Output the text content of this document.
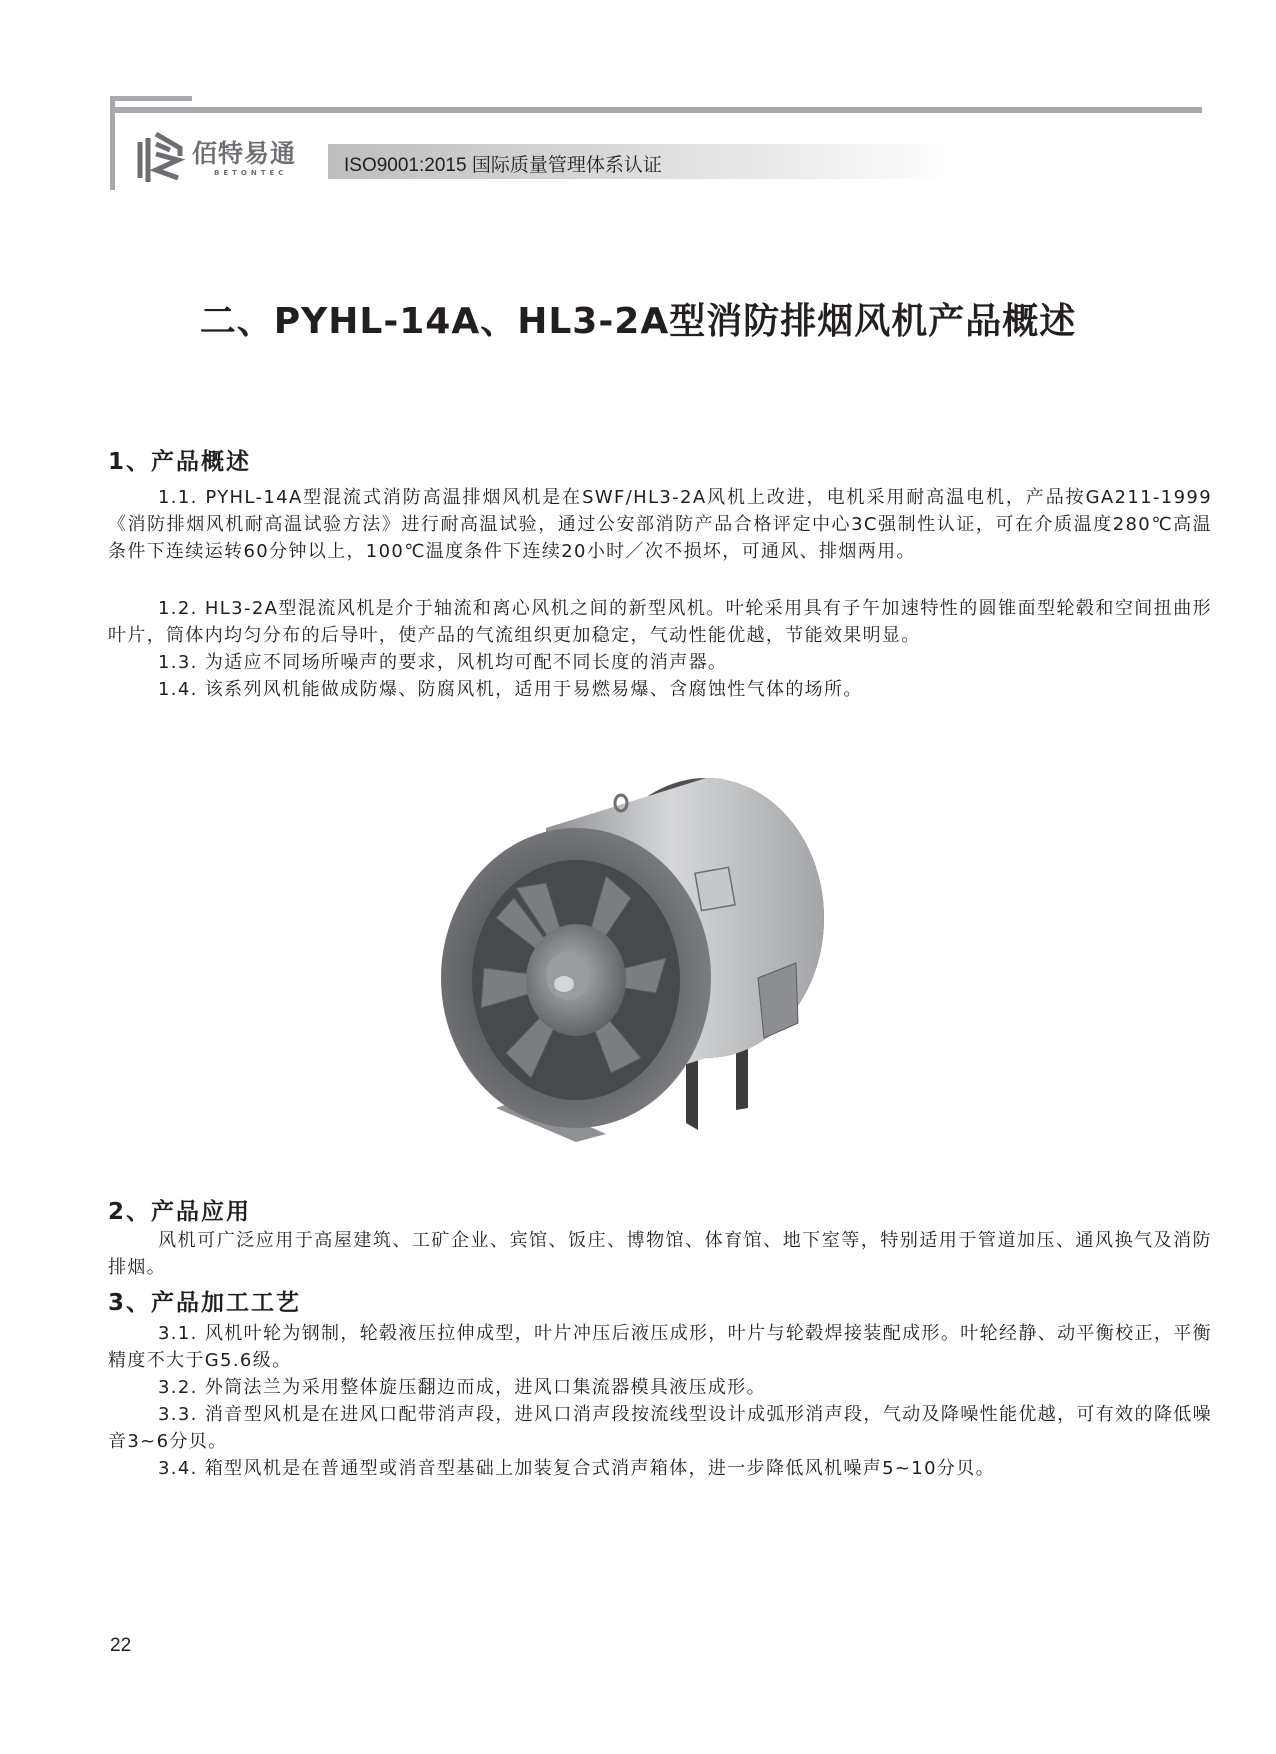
佰特易通
BETONTEC	ISO9001:2015 国际质量管理体系认证
二、PYHL-14A、HL3-2A型消防排烟风机产品概述
1、产品概述
1.1. PYHL-14A型混流式消防高温排烟风机是在SWF/HL3-2A风机上改进，电机采用耐高温电机，产品按GA211-1999《消防排烟风机耐高温试验方法》进行耐高温试验，通过公安部消防产品合格评定中心3C强制性认证，可在介质温度280℃高温条件下连续运转60分钟以上，100℃温度条件下连续20小时／次不损坏，可通风、排烟两用。
1.2. HL3-2A型混流风机是介于轴流和离心风机之间的新型风机。叶轮采用具有子午加速特性的圆锥面型轮毂和空间扭曲形叶片，筒体内均匀分布的后导叶，使产品的气流组织更加稳定，气动性能优越，节能效果明显。
1.3. 为适应不同场所噪声的要求，风机均可配不同长度的消声器。
1.4. 该系列风机能做成防爆、防腐风机，适用于易燃易爆、含腐蚀性气体的场所。
2、产品应用
风机可广泛应用于高屋建筑、工矿企业、宾馆、饭庄、博物馆、体育馆、地下室等，特别适用于管道加压、通风换气及消防排烟。
3、产品加工工艺
3.1. 风机叶轮为钢制，轮毂液压拉伸成型，叶片冲压后液压成形，叶片与轮毂焊接装配成形。叶轮经静、动平衡校正，平衡精度不大于G5.6级。
3.2. 外筒法兰为采用整体旋压翻边而成，进风口集流器模具液压成形。
3.3. 消音型风机是在进风口配带消声段，进风口消声段按流线型设计成弧形消声段，气动及降噪性能优越，可有效的降低噪音3~6分贝。
3.4. 箱型风机是在普通型或消音型基础上加装复合式消声箱体，进一步降低风机噪声5~10分贝。
22
